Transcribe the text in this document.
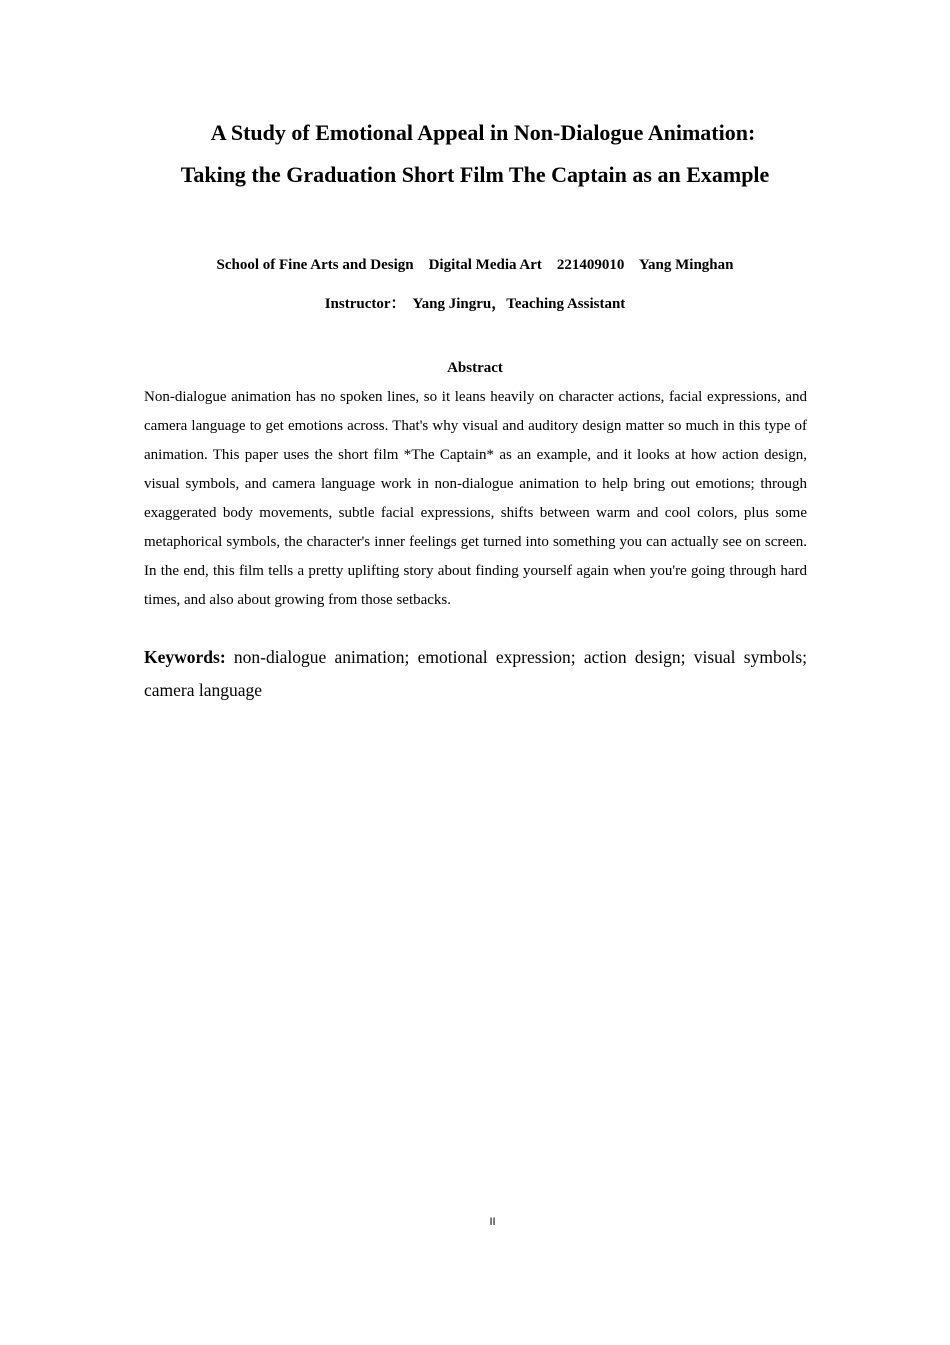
A Study of Emotional Appeal in Non-Dialogue Animation:
Taking the Graduation Short Film The Captain as an Example
School of Fine Arts and Design    Digital Media Art    221409010    Yang Minghan
Instructor：  Yang Jingru，Teaching Assistant
Abstract

Non-dialogue animation has no spoken lines, so it leans heavily on character actions, facial expressions, and camera language to get emotions across. That's why visual and auditory design matter so much in this type of animation. This paper uses the short film *The Captain* as an example, and it looks at how action design, visual symbols, and camera language work in non-dialogue animation to help bring out emotions; through exaggerated body movements, subtle facial expressions, shifts between warm and cool colors, plus some metaphorical symbols, the character's inner feelings get turned into something you can actually see on screen. In the end, this film tells a pretty uplifting story about finding yourself again when you're going through hard times, and also about growing from those setbacks.

Keywords: non-dialogue animation; emotional expression; action design; visual symbols; camera language

II
